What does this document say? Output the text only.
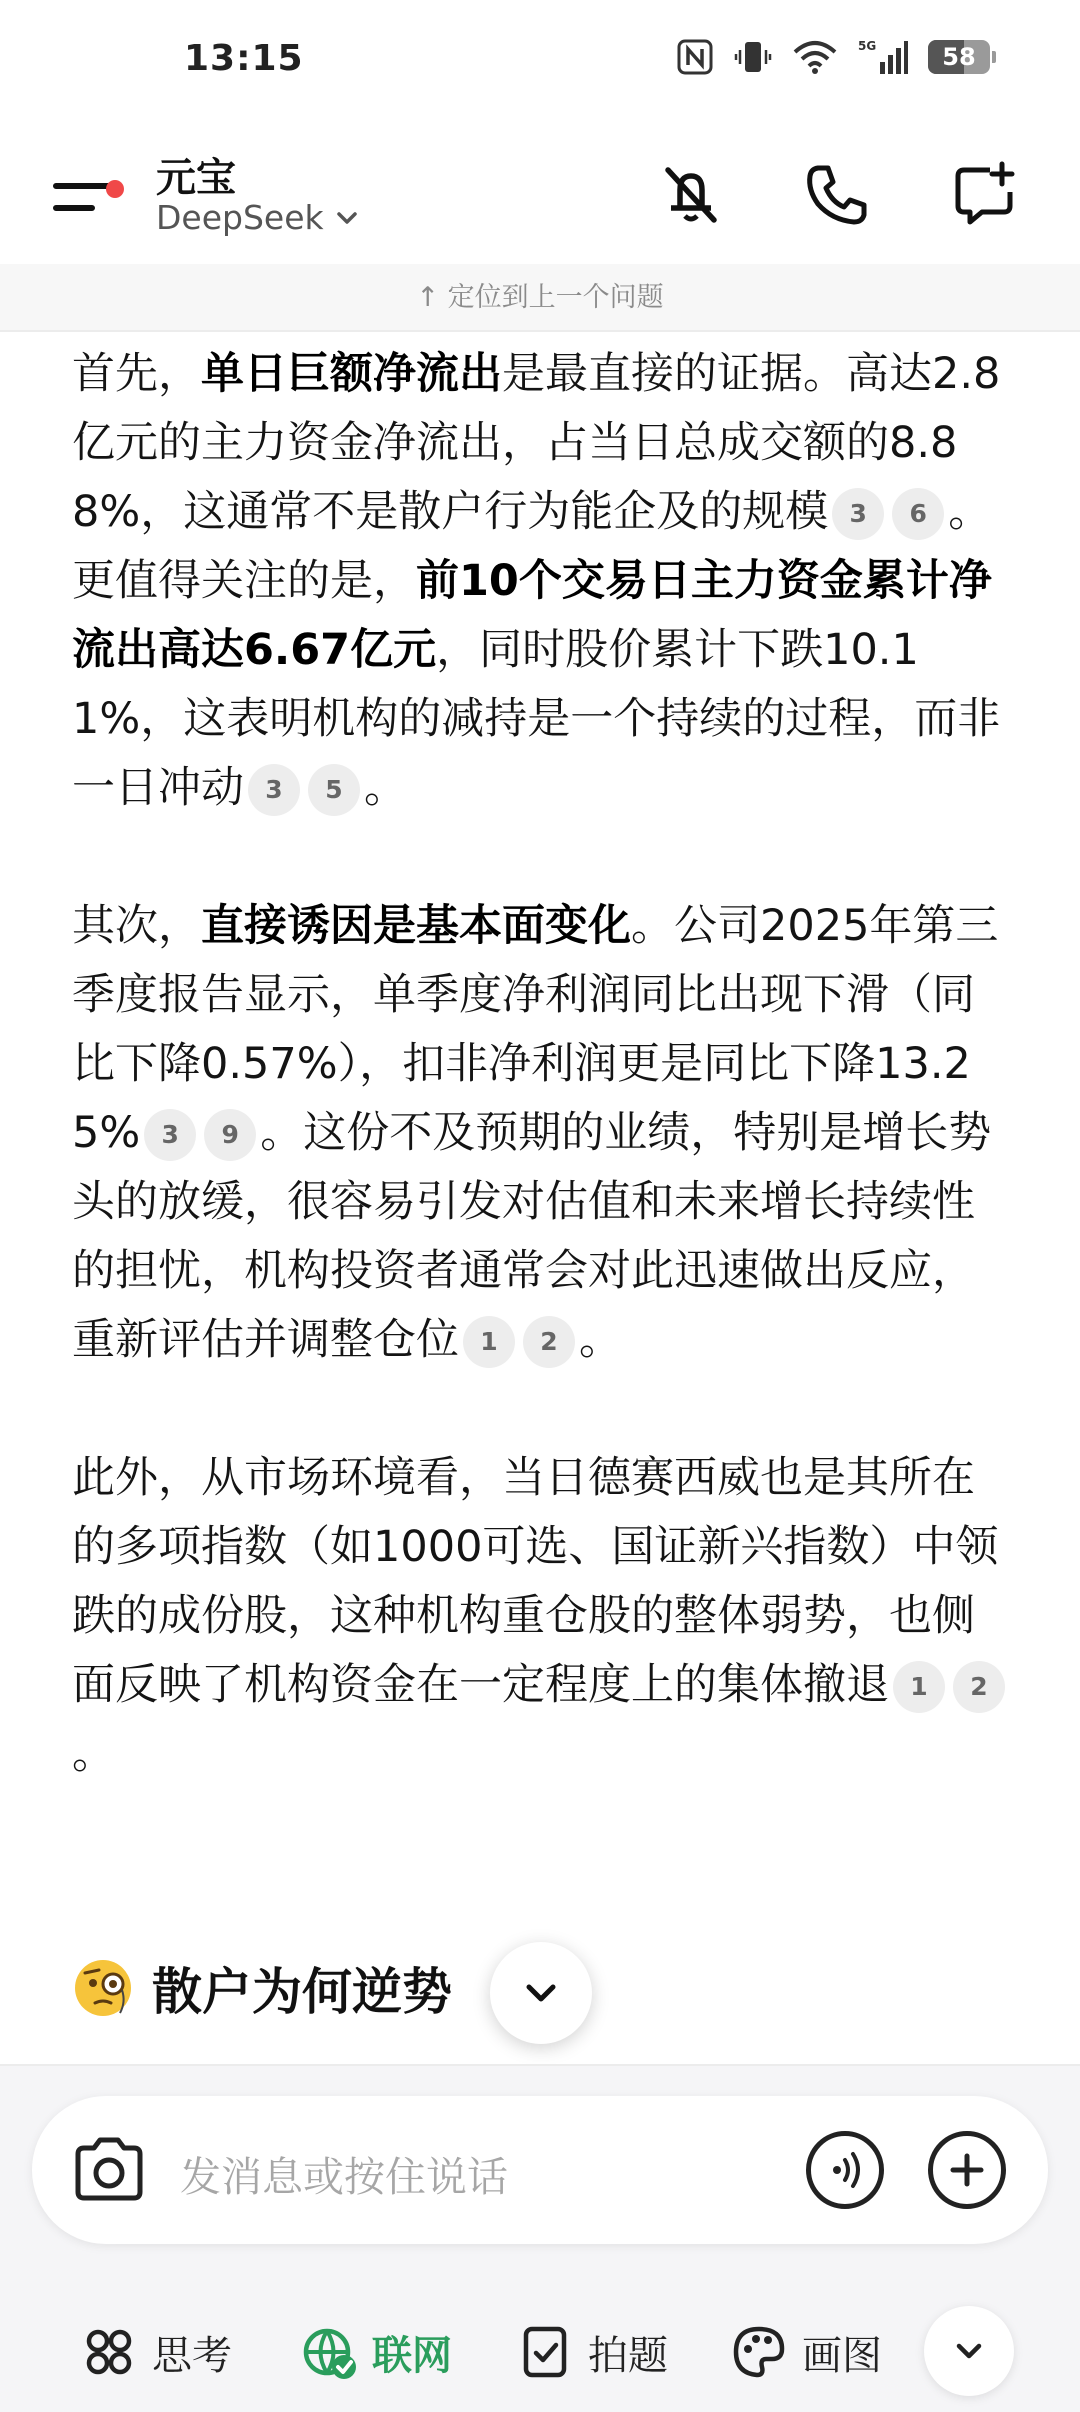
13:15	5G	58
元宝
DeepSeek
↑ 定位到上一个问题

首先，单日巨额净流出是最直接的证据。高达2.8亿元的主力资金净流出，占当日总成交额的8.88%，这通常不是散户行为能企及的规模 3 6 。更值得关注的是，前10个交易日主力资金累计净流出高达6.67亿元，同时股价累计下跌10.11%，这表明机构的减持是一个持续的过程，而非一日冲动 3 5 。

其次，直接诱因是基本面变化。公司2025年第三季度报告显示，单季度净利润同比出现下滑（同比下降0.57%），扣非净利润更是同比下降13.25% 3 9 。这份不及预期的业绩，特别是增长势头的放缓，很容易引发对估值和未来增长持续性的担忧，机构投资者通常会对此迅速做出反应，重新评估并调整仓位 1 2 。

此外，从市场环境看，当日德赛西威也是其所在的多项指数（如1000可选、国证新兴指数）中领跌的成份股，这种机构重仓股的整体弱势，也侧面反映了机构资金在一定程度上的集体撤退 1 2。

散户为何逆势
发消息或按住说话
思考	联网	拍题	画图
